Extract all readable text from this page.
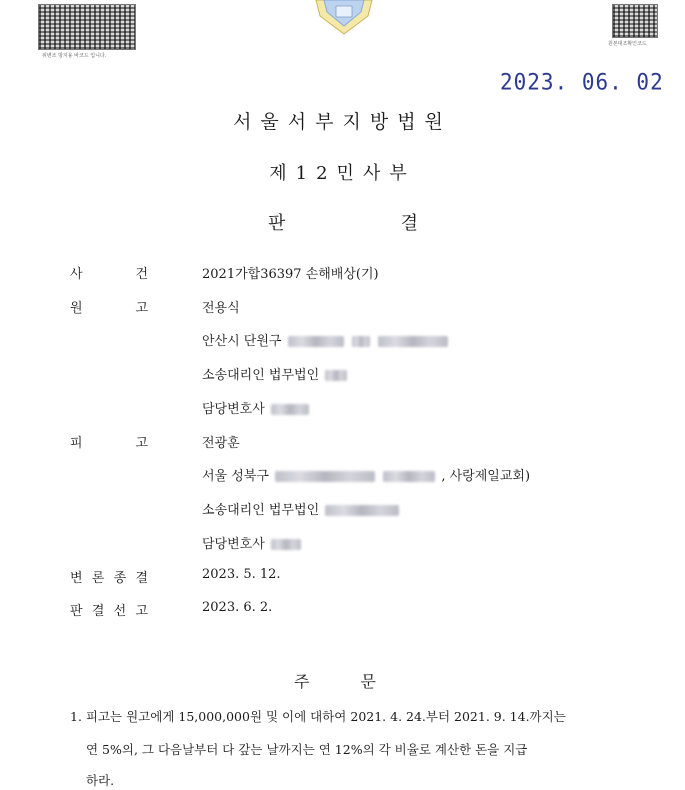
위변조 방지용 바코드 입니다.
원본대조확인코드
2023. 06. 02
서울서부지방법원
제12민사부
판	결
사	건	2021가합36397 손해배상(기)
원	고	전용식
안산시 단원구
소송대리인 법무법인
담당변호사
피	고	전광훈
서울 성북구	, 사랑제일교회)
소송대리인 법무법인
담당변호사
변 론 종 결	2023. 5. 12.
판 결 선 고	2023. 6. 2.
주	문
1. 피고는 원고에게 15,000,000원 및 이에 대하여 2021. 4. 24.부터 2021. 9. 14.까지는
연 5%의, 그 다음날부터 다 갚는 날까지는 연 12%의 각 비율로 계산한 돈을 지급
하라.
